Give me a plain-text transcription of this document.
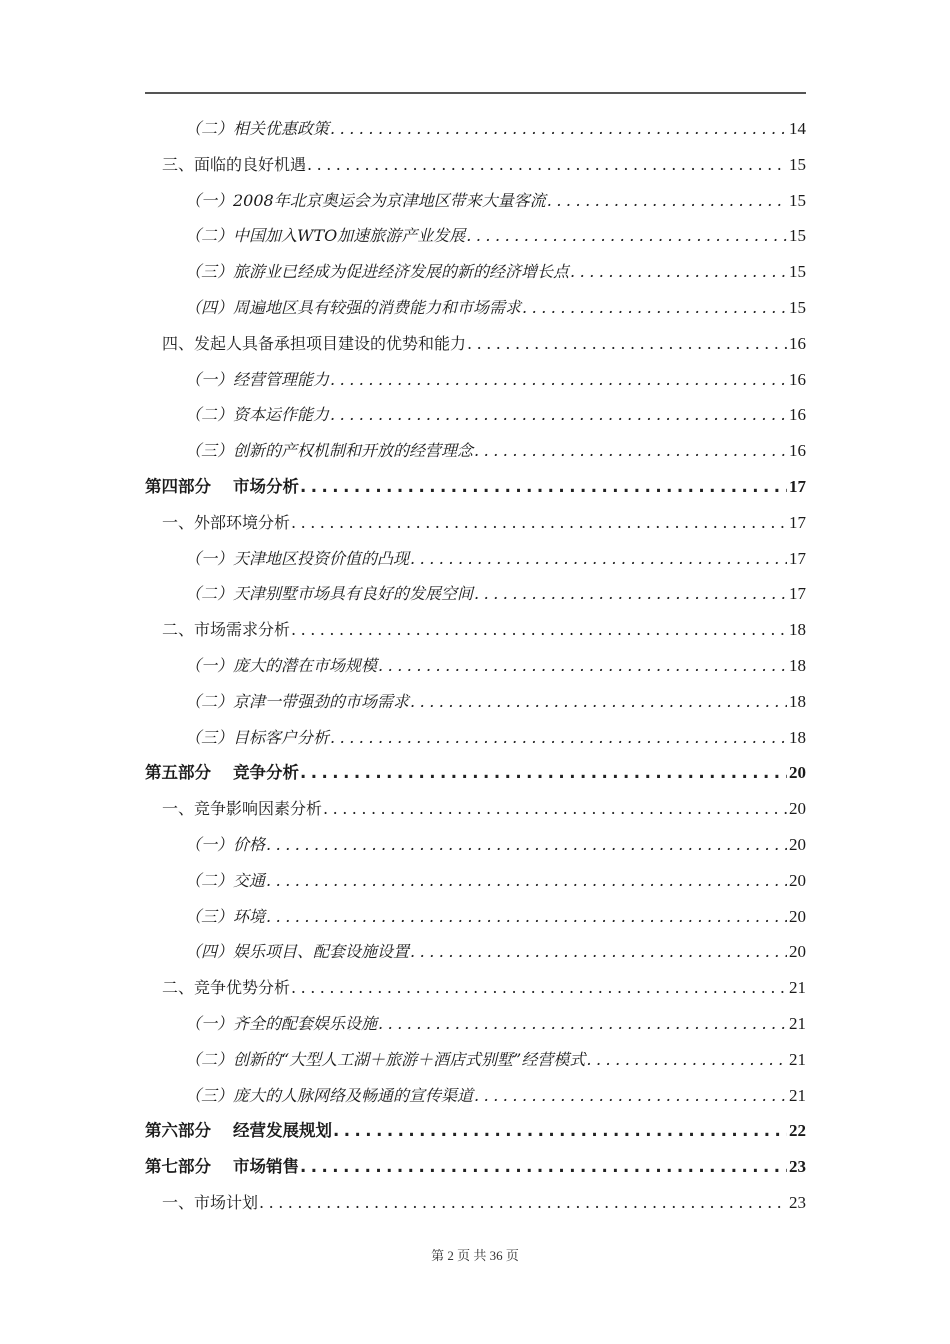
（二）相关优惠政策 .....	14
三、面临的良好机遇 .....	15
（一）2008年北京奥运会为京津地区带来大量客流 .....	15
（二）中国加入WTO加速旅游产业发展 .....	15
（三）旅游业已经成为促进经济发展的新的经济增长点 .....	15
（四）周遍地区具有较强的消费能力和市场需求 .....	15
四、发起人具备承担项目建设的优势和能力 .....	16
（一）经营管理能力 .....	16
（二）资本运作能力 .....	16
（三）创新的产权机制和开放的经营理念 .....	16
第四部分 市场分析 .....	17
一、外部环境分析 .....	17
（一）天津地区投资价值的凸现 .....	17
（二）天津别墅市场具有良好的发展空间 .....	17
二、市场需求分析 .....	18
（一）庞大的潜在市场规模 .....	18
（二）京津一带强劲的市场需求 .....	18
（三）目标客户分析 .....	18
第五部分 竞争分析 .....	20
一、竞争影响因素分析 .....	20
（一）价格 .....	20
（二）交通 .....	20
（三）环境 .....	20
（四）娱乐项目、配套设施设置 .....	20
二、竞争优势分析 .....	21
（一）齐全的配套娱乐设施 .....	21
（二）创新的“大型人工湖＋旅游＋酒店式别墅”经营模式 .....	21
（三）庞大的人脉网络及畅通的宣传渠道 .....	21
第六部分 经营发展规划 .....	22
第七部分 市场销售 .....	23
一、市场计划 .....	23
第 2 页 共 36 页
